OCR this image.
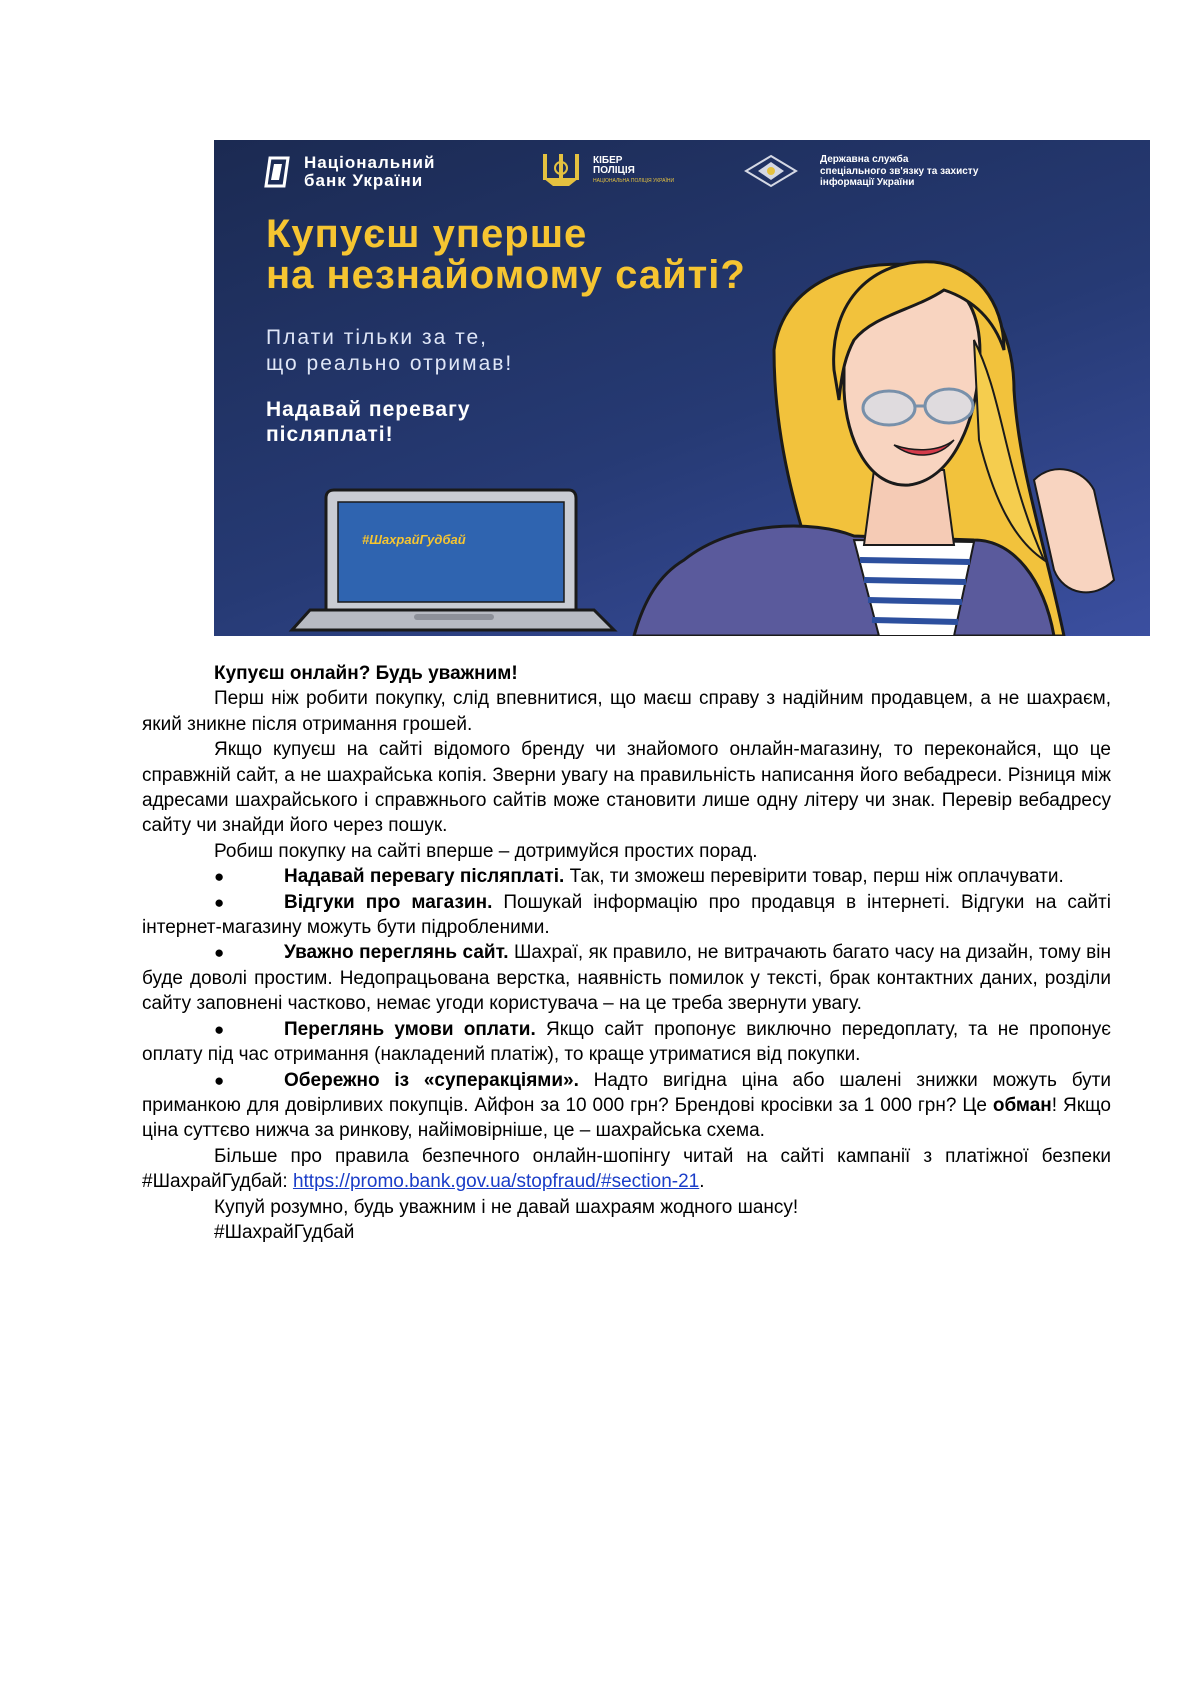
Національний
банк України
КІБЕР
ПОЛІЦІЯ
НАЦІОНАЛЬНА ПОЛІЦІЯ УКРАЇНИ
Державна служба
спеціального зв'язку та захисту
інформації України
Купуєш уперше
на незнайомому сайті?
Плати тільки за те,
що реально отримав!
Надавай перевагу
післяплаті!
#ШахрайГудбай

Купуєш онлайн? Будь уважним!

Перш ніж робити покупку, слід впевнитися, що маєш справу з надійним продавцем, а не шахраєм, який зникне після отримання грошей.

Якщо купуєш на сайті відомого бренду чи знайомого онлайн-магазину, то переконайся, що це справжній сайт, а не шахрайська копія. Зверни увагу на правильність написання його вебадреси. Різниця між адресами шахрайського і справжнього сайтів може становити лише одну літеру чи знак. Перевір вебадресу сайту чи знайди його через пошук.

Робиш покупку на сайті вперше – дотримуйся простих порад.

●	Надавай перевагу післяплаті. Так, ти зможеш перевірити товар, перш ніж оплачувати.

●	Відгуки про магазин. Пошукай інформацію про продавця в інтернеті. Відгуки на сайті інтернет-магазину можуть бути підробленими.

●	Уважно переглянь сайт. Шахраї, як правило, не витрачають багато часу на дизайн, тому він буде доволі простим. Недопрацьована верстка, наявність помилок у тексті, брак контактних даних, розділи сайту заповнені частково, немає угоди користувача – на це треба звернути увагу.

●	Переглянь умови оплати. Якщо сайт пропонує виключно передоплату, та не пропонує оплату під час отримання (накладений платіж), то краще утриматися від покупки.

●	Обережно із «суперакціями». Надто вигідна ціна або шалені знижки можуть бути приманкою для довірливих покупців. Айфон за 10 000 грн? Брендові кросівки за 1 000 грн? Це обман! Якщо ціна суттєво нижча за ринкову, найімовірніше, це – шахрайська схема.

Більше про правила безпечного онлайн-шопінгу читай на сайті кампанії з платіжної безпеки #ШахрайГудбай: https://promo.bank.gov.ua/stopfraud/#section-21.

Купуй розумно, будь уважним і не давай шахраям жодного шансу!

#ШахрайГудбай
